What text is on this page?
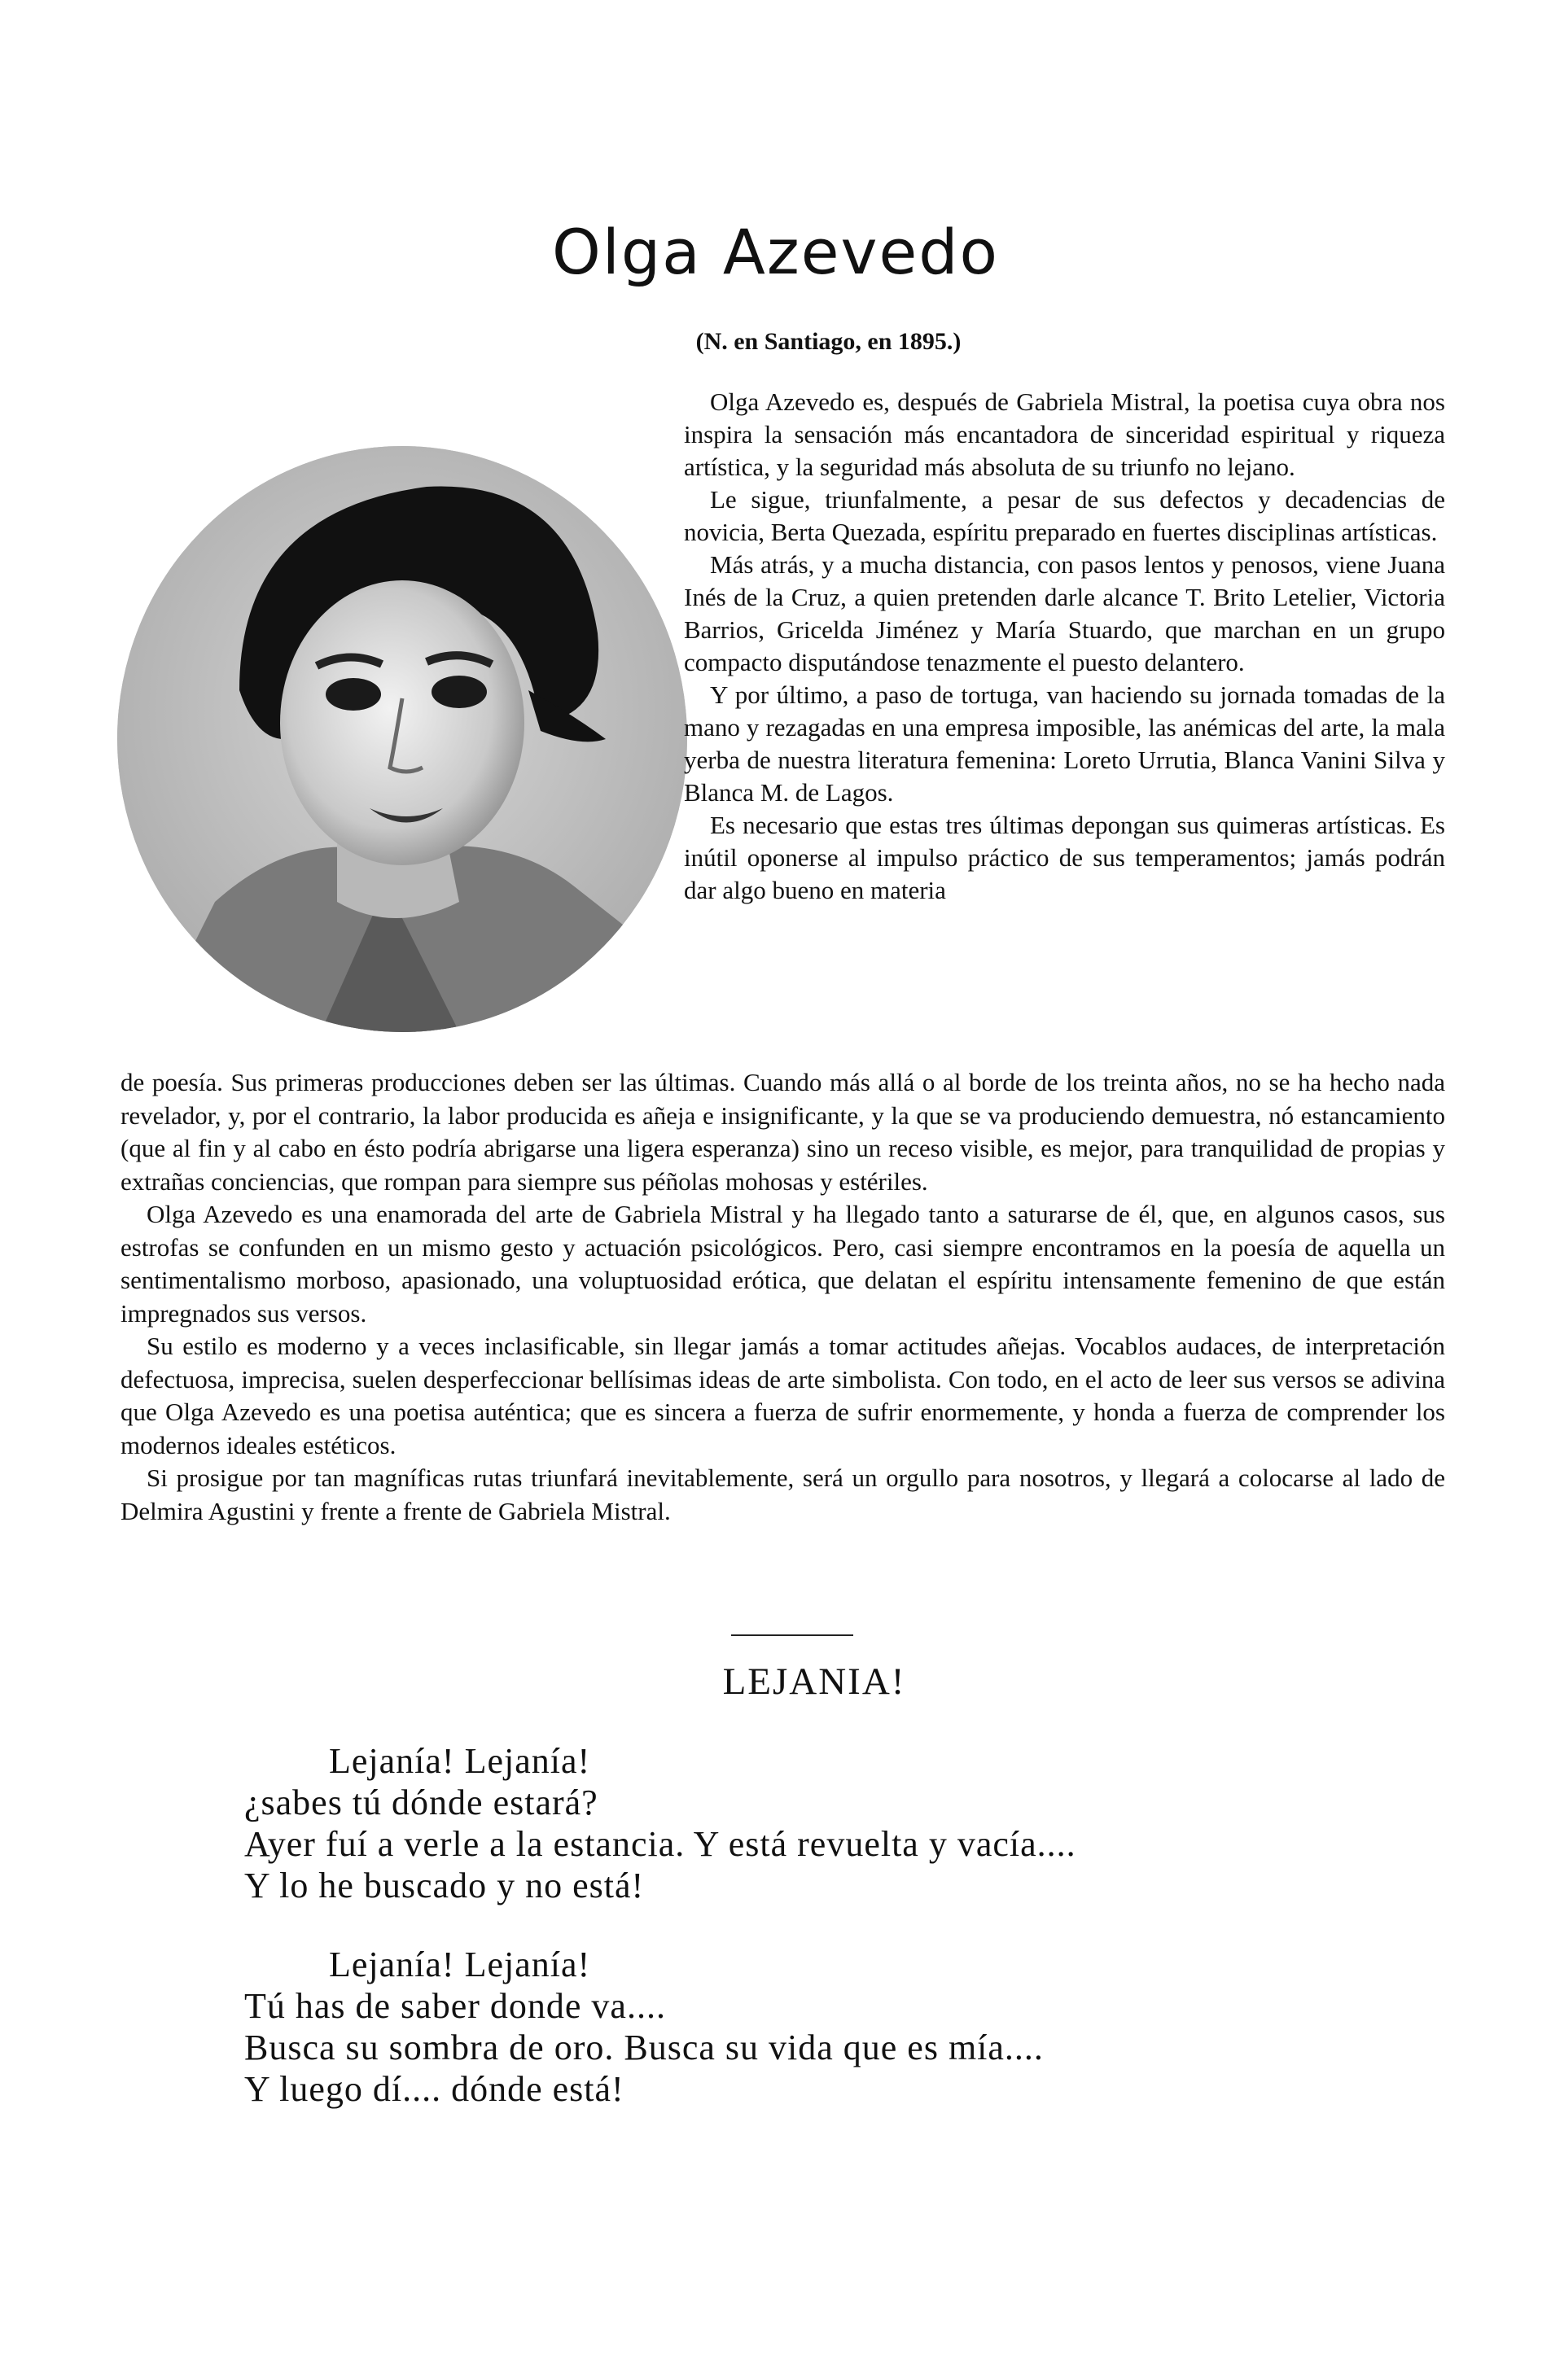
Olga Azevedo
(N. en Santiago, en 1895.)

Olga Azevedo es, después de Gabriela Mistral, la poetisa cuya obra nos inspira la sensación más encantadora de sinceridad espiritual y riqueza artística, y la seguridad más absoluta de su triunfo no lejano.

Le sigue, triunfalmente, a pesar de sus defectos y decadencias de novicia, Berta Quezada, espíritu preparado en fuertes disciplinas artísticas.

Más atrás, y a mucha distancia, con pasos lentos y penosos, viene Juana Inés de la Cruz, a quien pretenden darle alcance T. Brito Letelier, Victoria Barrios, Gricelda Jiménez y María Stuardo, que marchan en un grupo compacto disputándose tenazmente el puesto delantero.

Y por último, a paso de tortuga, van haciendo su jornada tomadas de la mano y rezagadas en una empresa imposible, las anémicas del arte, la mala yerba de nuestra literatura femenina: Loreto Urrutia, Blanca Vanini Silva y Blanca M. de Lagos.

Es necesario que estas tres últimas depongan sus quimeras artísticas. Es inútil oponerse al impulso práctico de sus temperamentos; jamás podrán dar algo bueno en materia

de poesía. Sus primeras producciones deben ser las últimas. Cuando más allá o al borde de los treinta años, no se ha hecho nada revelador, y, por el contrario, la labor producida es añeja e insignificante, y la que se va produciendo demuestra, nó estancamiento (que al fin y al cabo en ésto podría abrigarse una ligera esperanza) sino un receso visible, es mejor, para tranquilidad de propias y extrañas conciencias, que rompan para siempre sus péñolas mohosas y estériles.

Olga Azevedo es una enamorada del arte de Gabriela Mistral y ha llegado tanto a saturarse de él, que, en algunos casos, sus estrofas se confunden en un mismo gesto y actuación psicológicos. Pero, casi siempre encontramos en la poesía de aquella un sentimentalismo morboso, apasionado, una voluptuosidad erótica, que delatan el espíritu intensamente femenino de que están impregnados sus versos.

Su estilo es moderno y a veces inclasificable, sin llegar jamás a tomar actitudes añejas. Vocablos audaces, de interpretación defectuosa, imprecisa, suelen desperfeccionar bellísimas ideas de arte simbolista. Con todo, en el acto de leer sus versos se adivina que Olga Azevedo es una poetisa auténtica; que es sincera a fuerza de sufrir enormemente, y honda a fuerza de comprender los modernos ideales estéticos.

Si prosigue por tan magníficas rutas triunfará inevitablemente, será un orgullo para nosotros, y llegará a colocarse al lado de Delmira Agustini y frente a frente de Gabriela Mistral.

LEJANIA!
Lejanía! Lejanía!
¿sabes tú dónde estará?
Ayer fuí a verle a la estancia. Y está revuelta y vacía....
Y lo he buscado y no está!
Lejanía! Lejanía!
Tú has de saber donde va....
Busca su sombra de oro. Busca su vida que es mía....
Y luego dí.... dónde está!
